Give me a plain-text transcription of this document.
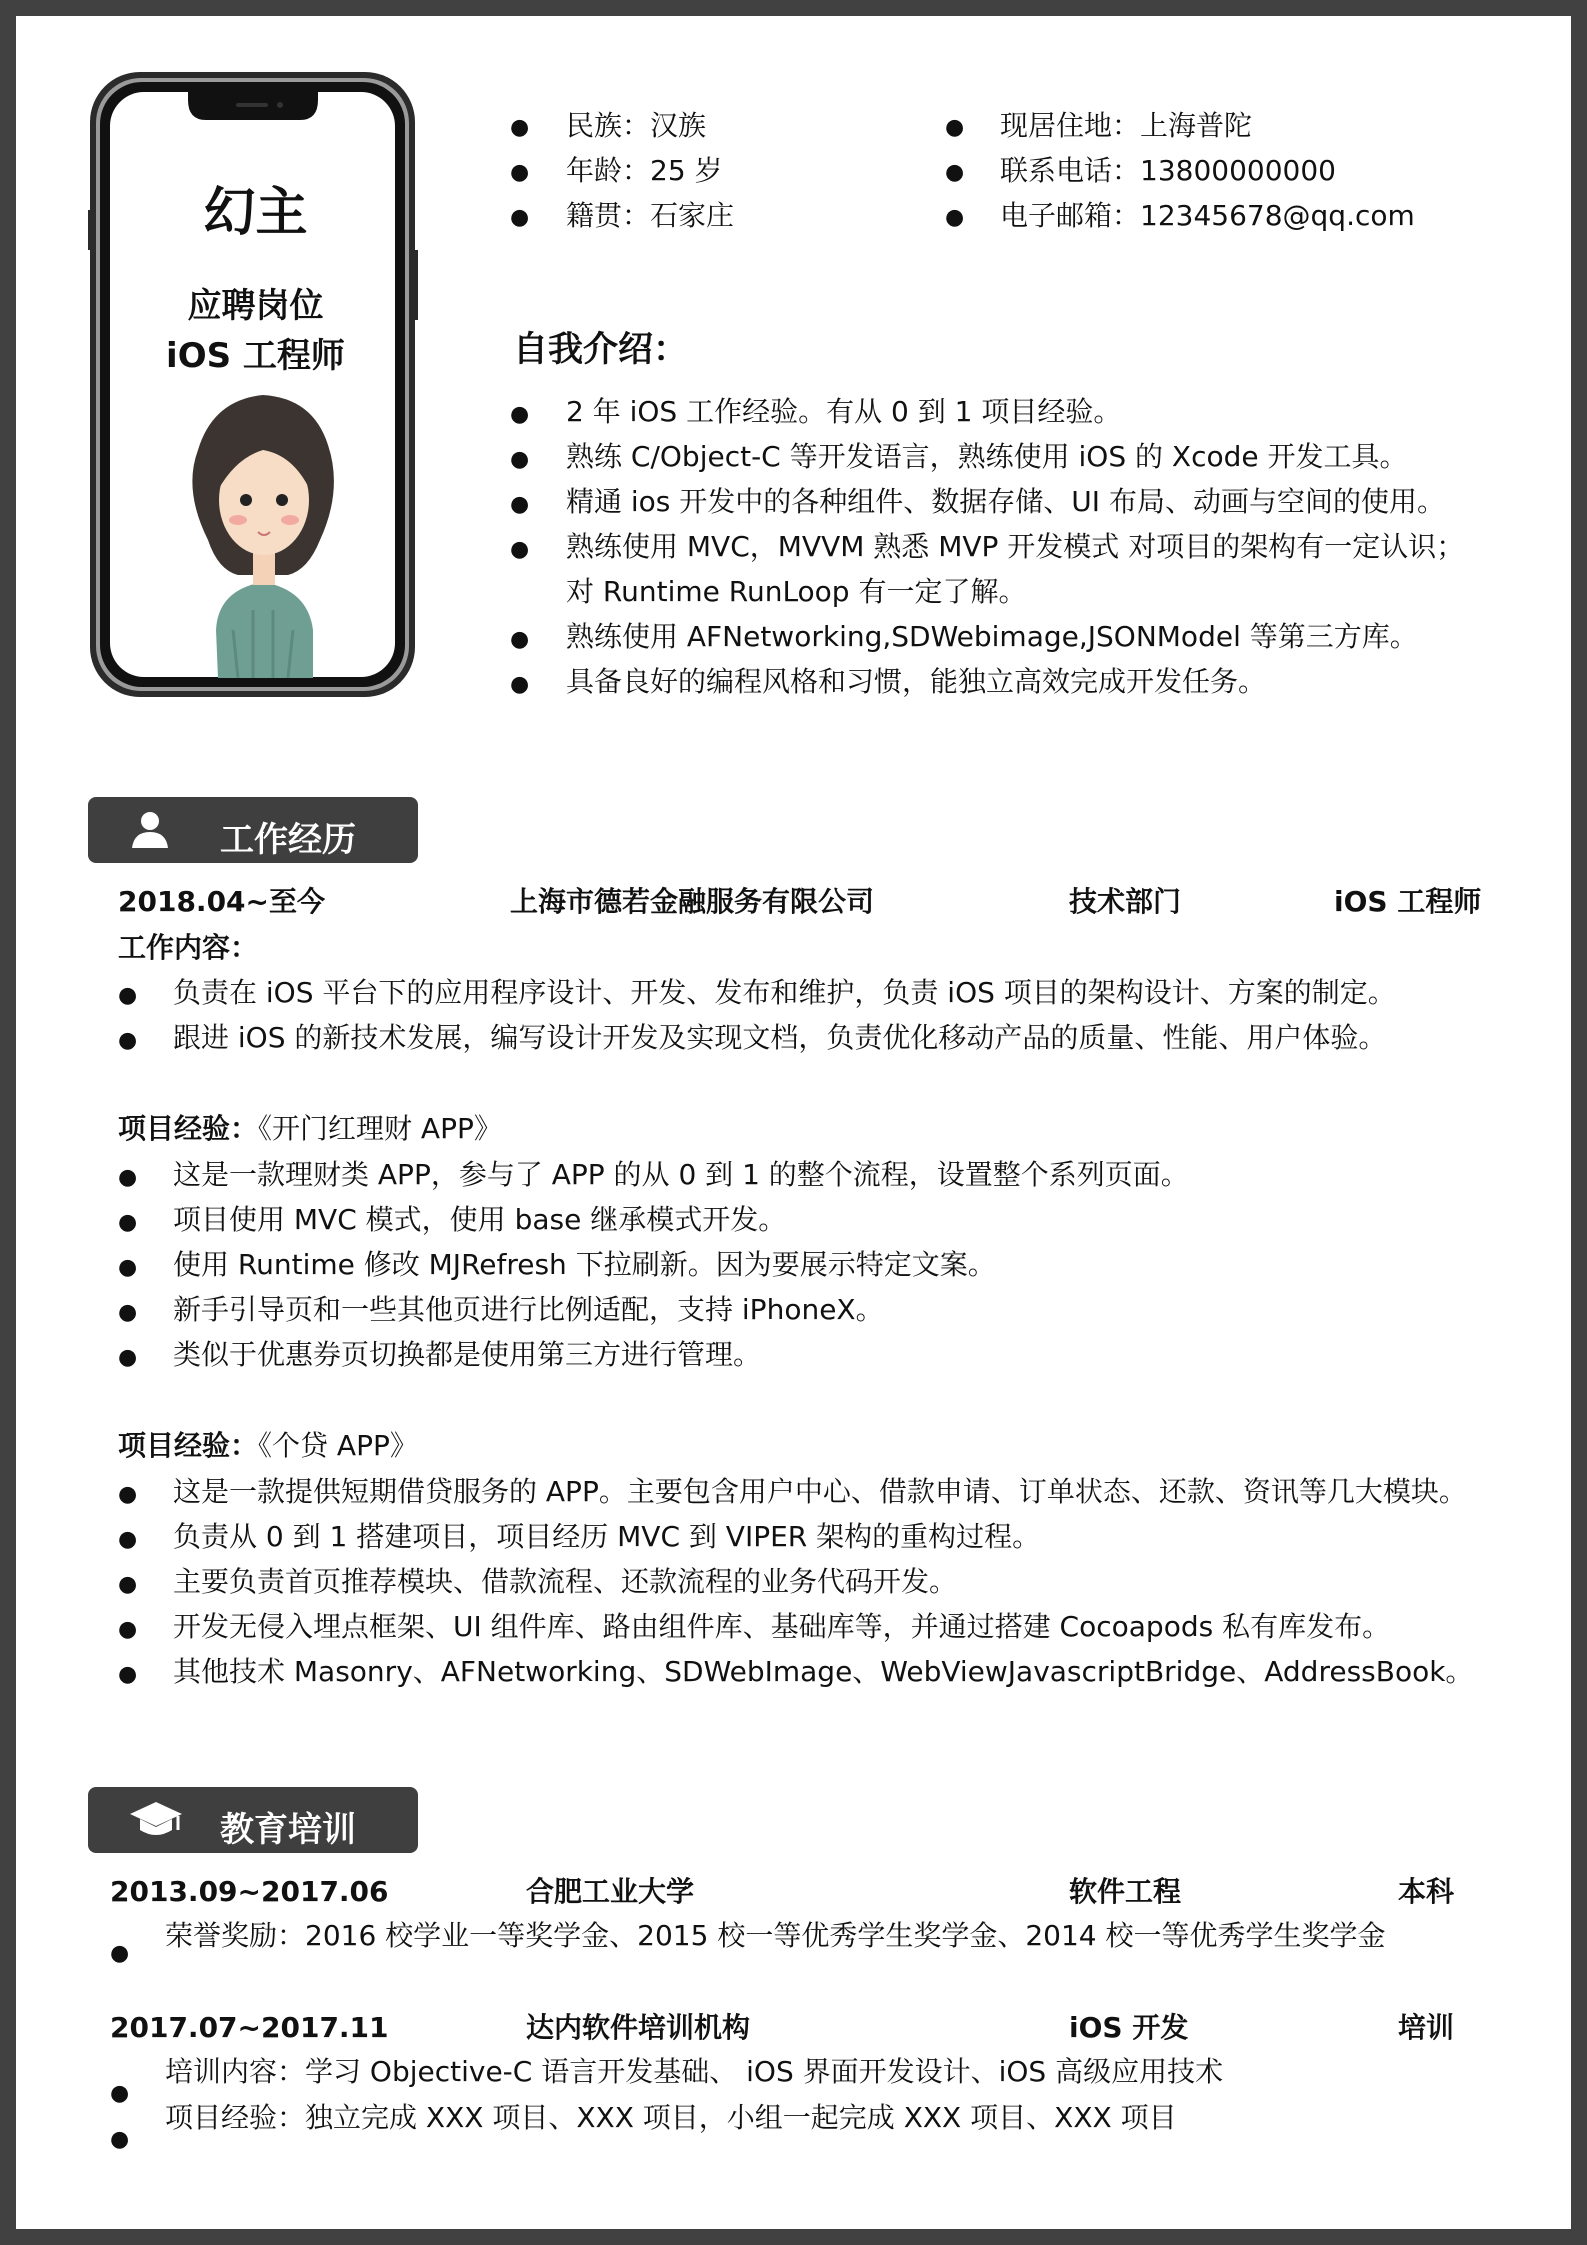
幻主
应聘岗位
iOS 工程师
● 民族：汉族
● 年龄：25 岁
● 籍贯：石家庄
● 现居住地：上海普陀
● 联系电话：13800000000
● 电子邮箱：12345678@qq.com
自我介绍：
● 2 年 iOS 工作经验。有从 0 到 1 项目经验。
● 熟练 C/Object-C 等开发语言，熟练使用 iOS 的 Xcode 开发工具。
● 精通 ios 开发中的各种组件、数据存储、UI 布局、动画与空间的使用。
● 熟练使用 MVC，MVVM 熟悉 MVP 开发模式 对项目的架构有一定认识；
对 Runtime RunLoop 有一定了解。
● 熟练使用 AFNetworking,SDWebimage,JSONModel 等第三方库。
● 具备良好的编程风格和习惯，能独立高效完成开发任务。
工作经历
2018.04~至今	上海市德若金融服务有限公司	技术部门	iOS 工程师
工作内容：
● 负责在 iOS 平台下的应用程序设计、开发、发布和维护，负责 iOS 项目的架构设计、方案的制定。
● 跟进 iOS 的新技术发展，编写设计开发及实现文档，负责优化移动产品的质量、性能、用户体验。
项目经验：《开门红理财 APP》
● 这是一款理财类 APP，参与了 APP 的从 0 到 1 的整个流程，设置整个系列页面。
● 项目使用 MVC 模式，使用 base 继承模式开发。
● 使用 Runtime 修改 MJRefresh 下拉刷新。因为要展示特定文案。
● 新手引导页和一些其他页进行比例适配，支持 iPhoneX。
● 类似于优惠券页切换都是使用第三方进行管理。
项目经验：《个贷 APP》
● 这是一款提供短期借贷服务的 APP。主要包含用户中心、借款申请、订单状态、还款、资讯等几大模块。
● 负责从 0 到 1 搭建项目，项目经历 MVC 到 VIPER 架构的重构过程。
● 主要负责首页推荐模块、借款流程、还款流程的业务代码开发。
● 开发无侵入埋点框架、UI 组件库、路由组件库、基础库等，并通过搭建 Cocoapods 私有库发布。
● 其他技术 Masonry、AFNetworking、SDWebImage、WebViewJavascriptBridge、AddressBook。
教育培训
2013.09~2017.06	合肥工业大学	软件工程	本科
●
荣誉奖励：2016 校学业一等奖学金、2015 校一等优秀学生奖学金、2014 校一等优秀学生奖学金
2017.07~2017.11	达内软件培训机构	iOS 开发	培训
●
培训内容：学习 Objective-C 语言开发基础、 iOS 界面开发设计、iOS 高级应用技术
●
项目经验：独立完成 XXX 项目、XXX 项目，小组一起完成 XXX 项目、XXX 项目
